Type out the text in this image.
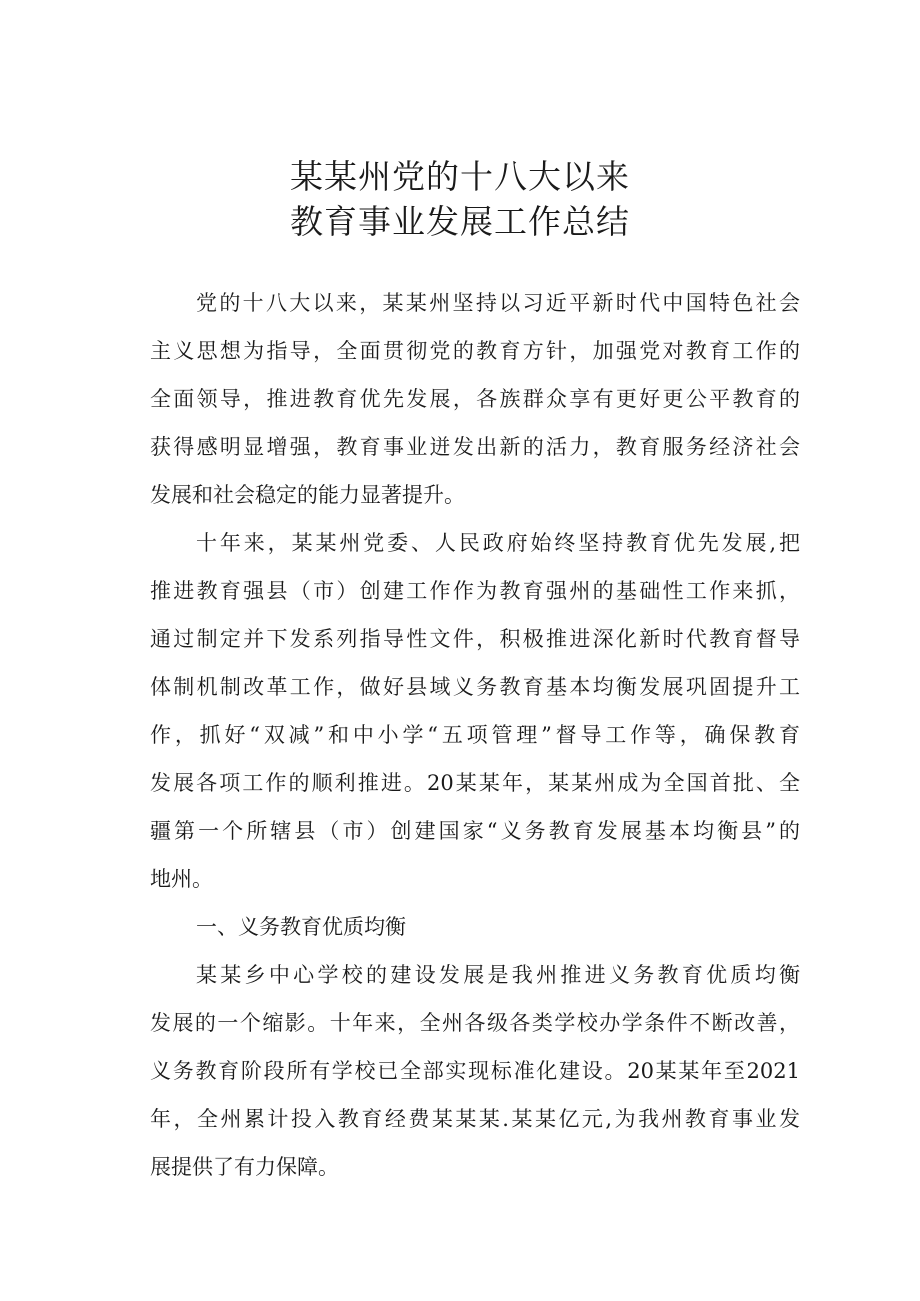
某某州党的十八大以来
教育事业发展工作总结
党的十八大以来，某某州坚持以习近平新时代中国特色社会
主义思想为指导，全面贯彻党的教育方针，加强党对教育工作的
全面领导，推进教育优先发展，各族群众享有更好更公平教育的
获得感明显增强，教育事业迸发出新的活力，教育服务经济社会
发展和社会稳定的能力显著提升。
十年来，某某州党委、人民政府始终坚持教育优先发展,把
推进教育强县（市）创建工作作为教育强州的基础性工作来抓，
通过制定并下发系列指导性文件，积极推进深化新时代教育督导
体制机制改革工作，做好县域义务教育基本均衡发展巩固提升工
作，抓好“双减”和中小学“五项管理”督导工作等，确保教育
发展各项工作的顺利推进。20某某年，某某州成为全国首批、全
疆第一个所辖县（市）创建国家“义务教育发展基本均衡县”的
地州。
一、义务教育优质均衡
某某乡中心学校的建设发展是我州推进义务教育优质均衡
发展的一个缩影。十年来，全州各级各类学校办学条件不断改善，
义务教育阶段所有学校已全部实现标准化建设。20某某年至2021
年，全州累计投入教育经费某某某.某某亿元,为我州教育事业发
展提供了有力保障。
